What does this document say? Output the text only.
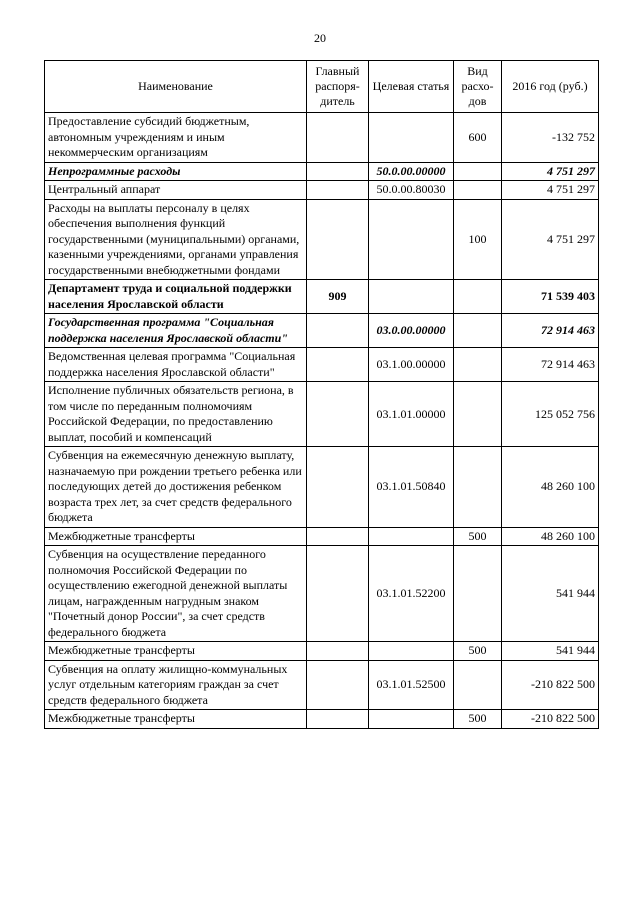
20
Наименование	Главный распоря-дитель	Целевая статья	Вид расхо-дов	2016 год (руб.)
Предоставление субсидий бюджетным, автономным учреждениям и иным некоммерческим организациям			600	-132 752
Непрограммные расходы		50.0.00.00000		4 751 297
Центральный аппарат		50.0.00.80030		4 751 297
Расходы на выплаты персоналу в целях обеспечения выполнения функций государственными (муниципальными) органами, казенными учреждениями, органами управления государственными внебюджетными фондами			100	4 751 297
Департамент труда и социальной поддержки населения Ярославской области	909			71 539 403
Государственная программа "Социальная поддержка населения Ярославской области"		03.0.00.00000		72 914 463
Ведомственная целевая программа "Социальная поддержка населения Ярославской области"		03.1.00.00000		72 914 463
Исполнение публичных обязательств региона, в том числе по переданным полномочиям Российской Федерации, по предоставлению выплат, пособий и компенсаций		03.1.01.00000		125 052 756
Субвенция на ежемесячную денежную выплату, назначаемую при рождении третьего ребенка или последующих детей до достижения ребенком возраста трех лет, за счет средств федерального бюджета		03.1.01.50840		48 260 100
Межбюджетные трансферты			500	48 260 100
Субвенция на осуществление переданного полномочия Российской Федерации по осуществлению ежегодной денежной выплаты лицам, награжденным нагрудным знаком "Почетный донор России", за счет средств федерального бюджета		03.1.01.52200		541 944
Межбюджетные трансферты			500	541 944
Субвенция на оплату жилищно-коммунальных услуг отдельным категориям граждан за счет средств федерального бюджета		03.1.01.52500		-210 822 500
Межбюджетные трансферты			500	-210 822 500
